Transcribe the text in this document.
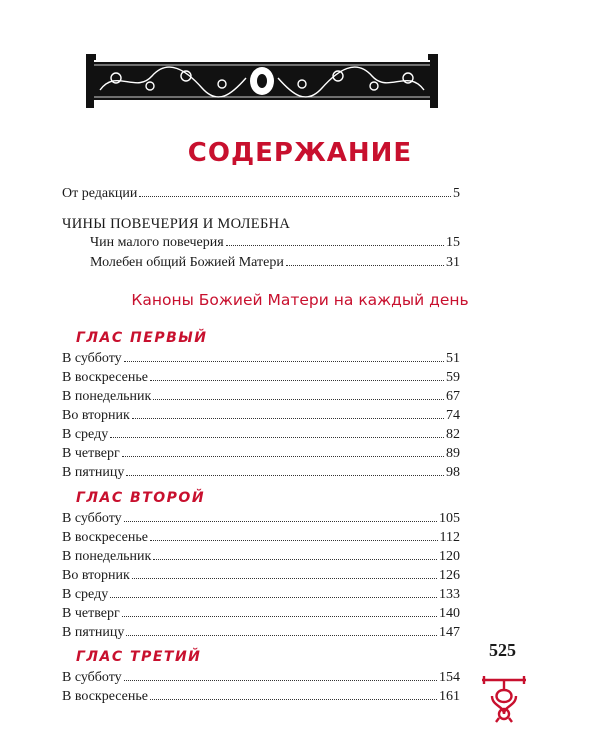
СОДЕРЖАНИЕ
От редакции	5
ЧИНЫ ПОВЕЧЕРИЯ И МОЛЕБНА
Чин малого повечерия	15
Молебен общий Божией Матери	31
Каноны Божией Матери на каждый день
ГЛАС ПЕРВЫЙ
В субботу	51
В воскресенье	59
В понедельник	67
Во вторник	74
В среду	82
В четверг	89
В пятницу	98
ГЛАС ВТОРОЙ
В субботу	105
В воскресенье	112
В понедельник	120
Во вторник	126
В среду	133
В четверг	140
В пятницу	147
ГЛАС ТРЕТИЙ
В субботу	154
В воскресенье	161
525
